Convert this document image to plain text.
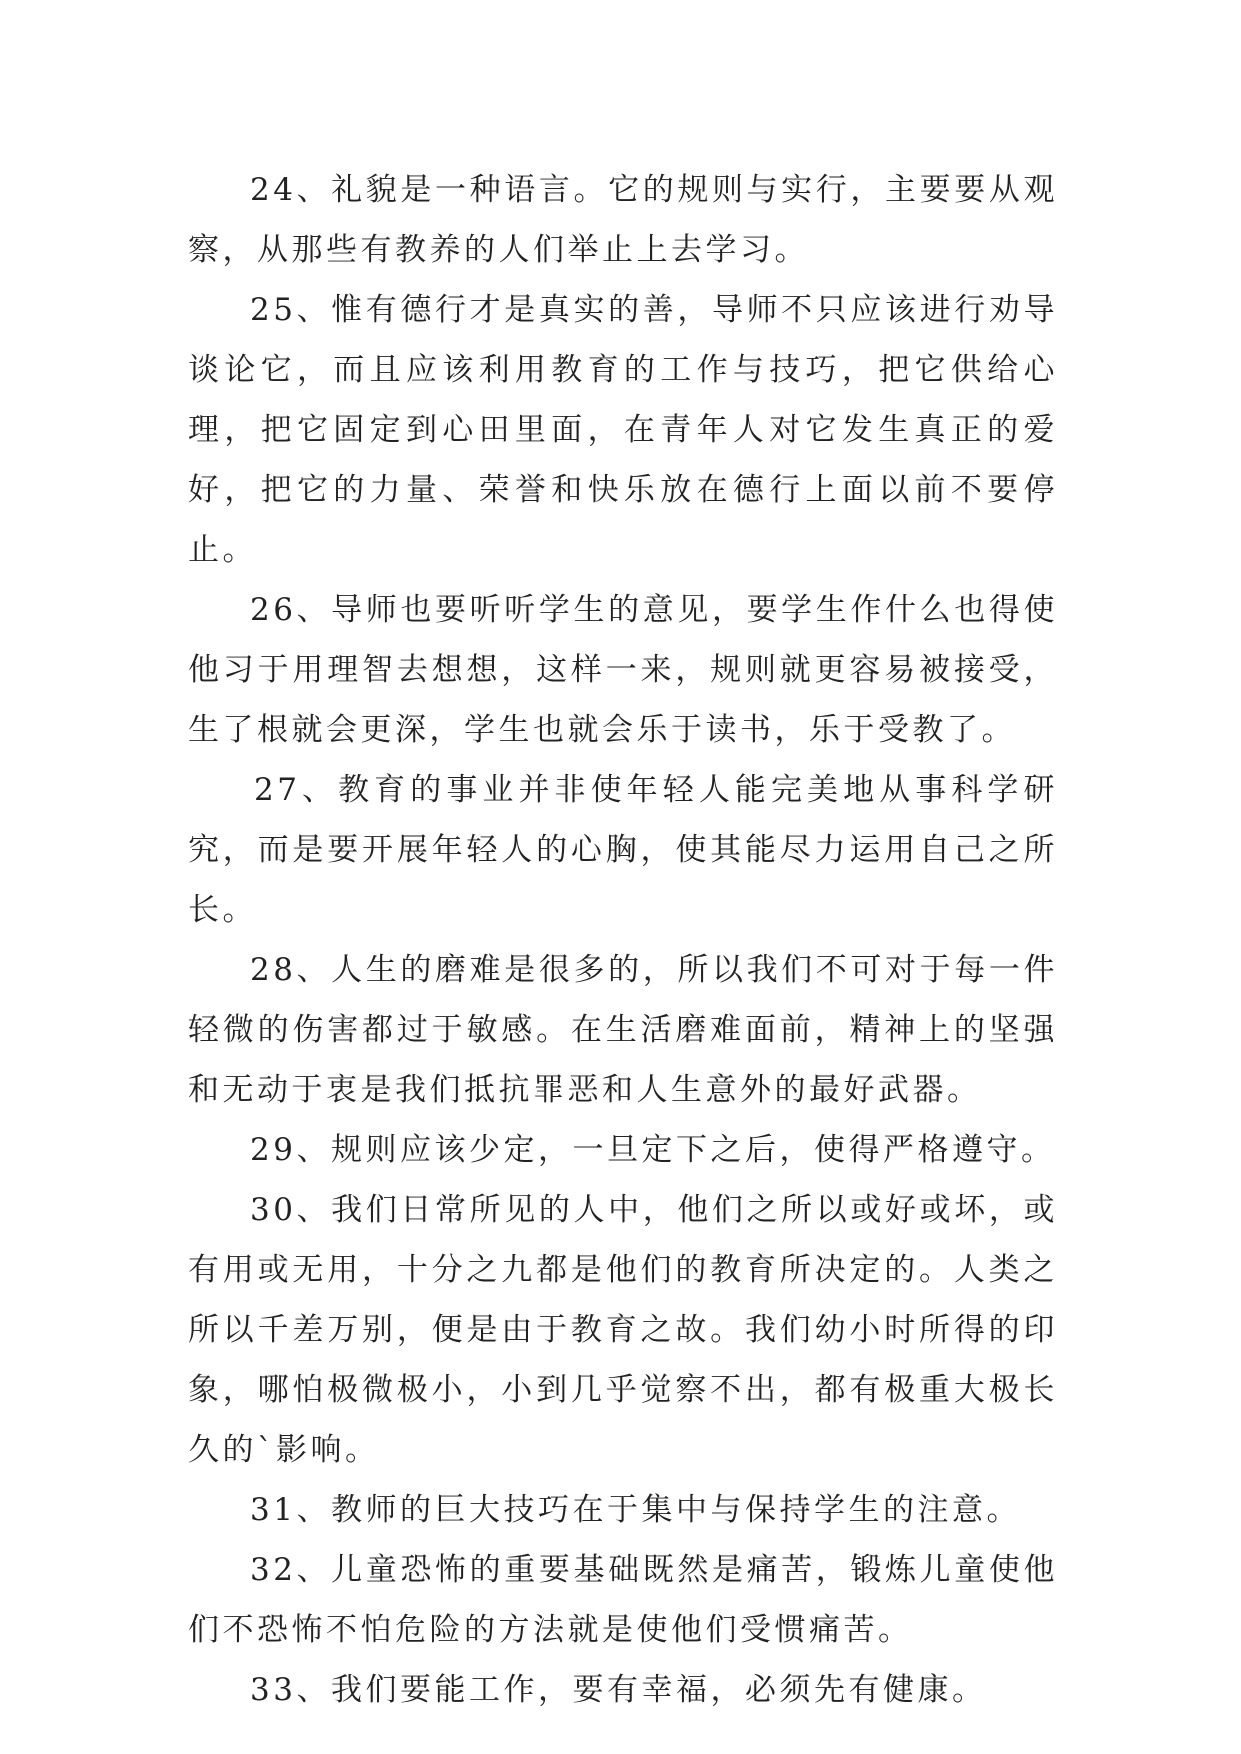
24、礼貌是一种语言。它的规则与实行，主要要从观察，从那些有教养的人们举止上去学习。

25、惟有德行才是真实的善，导师不只应该进行劝导谈论它，而且应该利用教育的工作与技巧，把它供给心理，把它固定到心田里面，在青年人对它发生真正的爱好，把它的力量、荣誉和快乐放在德行上面以前不要停止。

26、导师也要听听学生的意见，要学生作什么也得使他习于用理智去想想，这样一来，规则就更容易被接受，生了根就会更深，学生也就会乐于读书，乐于受教了。

27、教育的事业并非使年轻人能完美地从事科学研究，而是要开展年轻人的心胸，使其能尽力运用自己之所长。

28、人生的磨难是很多的，所以我们不可对于每一件轻微的伤害都过于敏感。在生活磨难面前，精神上的坚强和无动于衷是我们抵抗罪恶和人生意外的最好武器。

29、规则应该少定，一旦定下之后，使得严格遵守。

30、我们日常所见的人中，他们之所以或好或坏，或有用或无用，十分之九都是他们的教育所决定的。人类之所以千差万别，便是由于教育之故。我们幼小时所得的印象，哪怕极微极小，小到几乎觉察不出，都有极重大极长久的`影响。

31、教师的巨大技巧在于集中与保持学生的注意。

32、儿童恐怖的重要基础既然是痛苦，锻炼儿童使他们不恐怖不怕危险的方法就是使他们受惯痛苦。

33、我们要能工作，要有幸福，必须先有健康。
